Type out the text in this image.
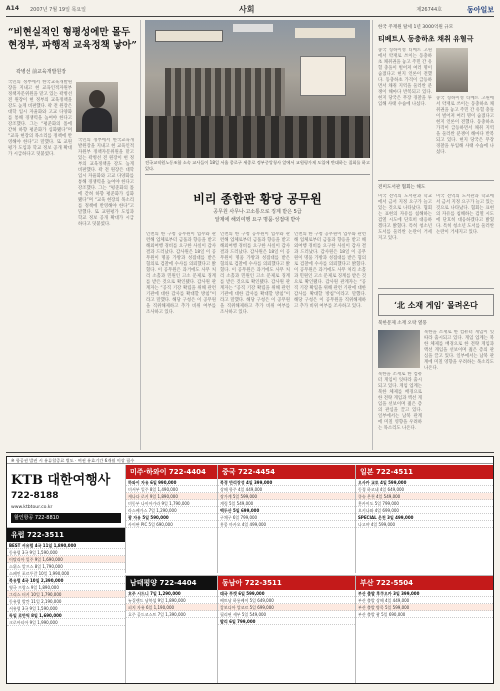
A14 2007년 7월 19일 목요일	사회	제26744호	동아일보
“비현실적인 형평성에만 몰두
현정부, 파행적 교육정책 낳아”
곽병선 前교육개발원장
국민의 정부에서 한국교육개발원장을 지내고 현 교육인적자원부 정책자문위원을 맡고 있는 곽병선 전 원장이 현 정부의 교육정책을 강도 높게 비판했다. 곽 전 원장은 대학 입시 자율화와 고교 다양화를 통해 경쟁력을 높여야 한다고 강조했다. 그는 “평준화의 틀에 갇혀 하향 평준화가 심화됐다”며 “교육 현장의 목소리를 정책에 반영해야 한다”고 말했다. 또 교원평가 도입과 학교 정보 공개 확대가 시급하다고 덧붙였다.
국민의 정부에서 한국교육개발원장을 지내고 현 교육인적자원부 정책자문위원을 맡고 있는 곽병선 전 원장이 현 정부의 교육정책을 강도 높게 비판했다. 곽 전 원장은 대학 입시 자율화와 고교 다양화를 통해 경쟁력을 높여야 한다고 강조했다. 그는 “평준화의 틀에 갇혀 하향 평준화가 심화됐다”며 “교육 현장의 목소리를 정책에 반영해야 한다”고 말했다. 또 교원평가 도입과 학교 정보 공개 확대가 시급하다고 덧붙였다.
전국교직원노동조합 소속 교사들이 18일 서울 종로구 세종로 정부중앙청사 앞에서 교원평가제 도입에 반대하는 집회를 하고 있다.
비리 종합판 황당 공무원
공무원 사무나·고소통으로 징계 받은 5급
알제에 해외여행 요구 명품·성접대 받아
인천의 한 구청 공무원이 업무와 관련해 업체로부터 금품과 향응을 받고 해외여행 경비를 요구한 사실이 감사 결과 드러났다. 감사원은 18일 이 공무원이 명품 가방과 성접대를 받은 혐의로 검찰에 수사를 의뢰했다고 밝혔다. 이 공무원은 과거에도 사무 처리 소홀과 민원인 고소 문제로 징계를 받은 것으로 확인됐다. 감사원 관계자는 “공직 기강 확립을 위해 관련 기관에 대한 감사를 확대할 방침”이라고 말했다. 해당 구청은 이 공무원을 직위해제하고 추가 비위 여부를 조사하고 있다.
인천의 한 구청 공무원이 업무와 관련해 업체로부터 금품과 향응을 받고 해외여행 경비를 요구한 사실이 감사 결과 드러났다. 감사원은 18일 이 공무원이 명품 가방과 성접대를 받은 혐의로 검찰에 수사를 의뢰했다고 밝혔다. 이 공무원은 과거에도 사무 처리 소홀과 민원인 고소 문제로 징계를 받은 것으로 확인됐다. 감사원 관계자는 “공직 기강 확립을 위해 관련 기관에 대한 감사를 확대할 방침”이라고 말했다. 해당 구청은 이 공무원을 직위해제하고 추가 비위 여부를 조사하고 있다.
인천의 한 구청 공무원이 업무와 관련해 업체로부터 금품과 향응을 받고 해외여행 경비를 요구한 사실이 감사 결과 드러났다. 감사원은 18일 이 공무원이 명품 가방과 성접대를 받은 혐의로 검찰에 수사를 의뢰했다고 밝혔다. 이 공무원은 과거에도 사무 처리 소홀과 민원인 고소 문제로 징계를 받은 것으로 확인됐다. 감사원 관계자는 “공직 기강 확립을 위해 관련 기관에 대한 감사를 확대할 방침”이라고 말했다. 해당 구청은 이 공무원을 직위해제하고 추가 비위 여부를 조사하고 있다.
한국 주재원 탈세 1년 3000억원 규모
티베트人 동충하초 채취 유혈극
중국 칭하이성 티베트 고원에서 약재로 쓰이는 동충하초 채취권을 놓고 주민 간 유혈 충돌이 벌어져 여러 명이 숨졌다고 현지 언론이 전했다. 동충하초 가격이 급등하면서 채취 지역을 둘러싼 분쟁이 해마다 반복되고 있다. 현지 당국은 무장 경찰을 투입해 사태 수습에 나섰다.
중국 칭하이성 티베트 고원에서 약재로 쓰이는 동충하초 채취권을 놓고 주민 간 유혈 충돌이 벌어져 여러 명이 숨졌다고 현지 언론이 전했다. 동충하초 가격이 급등하면서 채취 지역을 둘러싼 분쟁이 해마다 반복되고 있다. 현지 당국은 무장 경찰을 투입해 사태 수습에 나섰다.
전미도서관 협회는 해도
미국 전역의 도서관과 학교에서 금서 지정 요구가 늘고 있는 것으로 나타났다. 협회는 표현의 자유를 침해하는 검열 시도에 단호히 대응하겠다고 밝혔다. 특히 청소년 도서를 둘러싼 논란이 거세지고 있다.
미국 전역의 도서관과 학교에서 금서 지정 요구가 늘고 있는 것으로 나타났다. 협회는 표현의 자유를 침해하는 검열 시도에 단호히 대응하겠다고 밝혔다. 특히 청소년 도서를 둘러싼 논란이 거세지고 있다.
‘北 소재 게임’ 몰려온다
북한문제 소재 오락 열풍
북한을 소재로 한 컴퓨터 게임이 잇따라 출시되고 있다. 게임 업계는 북한 체제를 배경으로 한 전략 게임과 액션 게임을 선보이며 젊은 층의 관심을 끌고 있다. 일부에서는 남북 관계에 미칠 영향을 우려하는 목소리도 나온다.
북한을 소재로 한 컴퓨터 게임이 잇따라 출시되고 있다. 게임 업계는 북한 체제를 배경으로 한 전략 게임과 액션 게임을 선보이며 젊은 층의 관심을 끌고 있다. 일부에서는 남북 관계에 미칠 영향을 우려하는 목소리도 나온다.
※ 항공권 발권 시 유류할증료 별도 · 여권 유효기간 6개월 이상 필수
KTB 대한여행사
722-8188
www.ktbtour.co.kr
할인항공 722-8810
유럽 722-3511
BEST 서유럽 4국 11일 1,890,000
동유럽 3국 9일 1,590,000
이탈리아 일주 9일 1,690,000
스위스 알프스 8일 1,790,000
스페인 포르투갈 10일 1,990,000
북유럽 4국 10일 2,390,000
영국 프랑스 9일 1,890,000
그리스 터키 10일 1,790,000
동유럽 발칸 11일 2,190,000
서유럽 3국 9일 1,590,000
독일 로만틱 8일 1,690,000
크로아티아 9일 1,990,000
미주·하와이 722-4404
하와이 자유 6일 990,000
미서부 일주 8일 1,490,000
캐나다 로키 9일 1,890,000
미동부 나이아가라 9일 1,790,000
라스베가스 7일 1,290,000
괌 자유 5일 590,000
사이판 PIC 5일 690,000
중국 722-4454
북경 만리장성 4일 399,000
상해 항주 4일 449,000
장가계 5일 599,000
계림 5일 549,000
백두산 5일 699,000
구채구 6일 799,000
홍콩 마카오 4일 499,000
일본 722-4511
오사카 교토 4일 599,000
동경 하코네 4일 649,000
큐슈 온천 4일 549,000
홋카이도 5일 799,000
오키나와 4일 699,000
SPECIAL 온천 3일 499,000
나고야 4일 599,000
남태평양 722-4404
호주 시드니 7일 1,290,000
뉴질랜드 남북섬 9일 1,890,000
피지 자유 6일 1,190,000
호주 골드코스트 7일 1,390,000
동남아 722-3511
태국 푸켓 6일 599,000
베트남 하롱베이 5일 649,000
캄보디아 앙코르 5일 699,000
필리핀 세부 5일 549,000
발리 6일 799,000
부산 722-5504
부산 출발 후쿠오카 3일 399,000
부산 출발 상해 4일 449,000
부산 출발 방콕 5일 599,000
부산 출발 괌 5일 690,000
